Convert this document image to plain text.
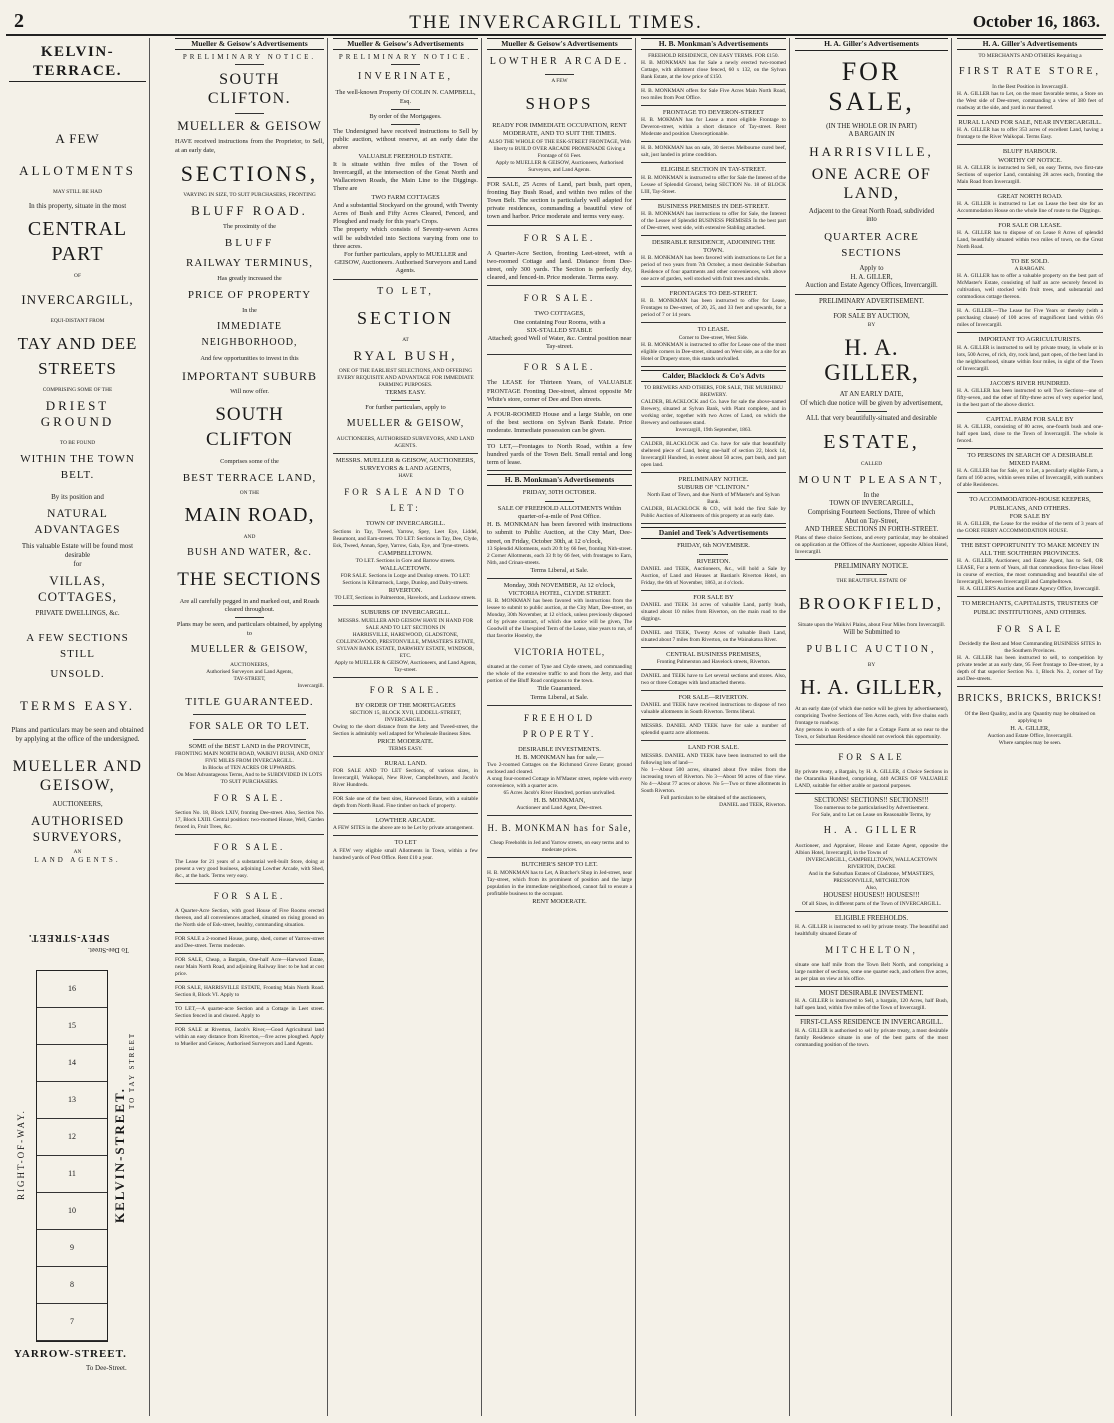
2	THE INVERCARGILL TIMES.	October 16, 1863.
KELVIN-TERRACE.
A FEW
ALLOTMENTS
MAY STILL BE HAD
In this property, situate in the most
CENTRAL PART
OF
INVERCARGILL,
EQUI-DISTANT FROM
TAY AND DEE STREETS
COMPRISING SOME OF THE
DRIEST GROUND
TO BE FOUND
WITHIN THE TOWN BELT.
By its position and
NATURAL ADVANTAGES
This valuable Estate will be found most desirable
for
VILLAS, COTTAGES,
PRIVATE DWELLINGS, &c.
A FEW SECTIONS STILL
UNSOLD.
TERMS EASY.
Plans and particulars may be seen and obtained
by applying at the office of the undersigned.
MUELLER AND GEISOW,
AUCTIONEERS,
AUTHORISED SURVEYORS,
AN
LAND AGENTS.
SPEY-STREET.
To Dee-Street.
RIGHT-OF-WAY.
16
15
14
13
12
11
10
9
8
7
KELVIN-STREET.
TO TAY STREET
YARROW-STREET.
To Dee-Street.
Mueller & Geisow's Advertisements
PRELIMINARY NOTICE.
SOUTH CLIFTON.
MUELLER & GEISOW
HAVE received instructions from the Proprietor, to Sell, at an early date,
SECTIONS,
VARYING IN SIZE, TO SUIT PURCHASERS, FRONTING
BLUFF ROAD.
The proximity of the
BLUFF
RAILWAY TERMINUS,
Has greatly increased the
PRICE OF PROPERTY
In the
IMMEDIATE NEIGHBORHOOD,
And few opportunities to invest in this
IMPORTANT SUBURB
Will now offer.
SOUTH CLIFTON
Comprises some of the
BEST TERRACE LAND,
ON THE
MAIN ROAD,
AND
BUSH AND WATER, &c.
THE SECTIONS
Are all carefully pegged in and marked out, and Roads cleared throughout.
Plans may be seen, and particulars obtained, by applying to
MUELLER & GEISOW,
AUCTIONEERS,
Authorised Surveyors and Land Agents,
TAY-STREET,
Invercargill.
TITLE GUARANTEED.
FOR SALE OR TO LET.
SOME of the BEST LAND in the PROVINCE,
FRONTING MAIN NORTH ROAD, WAIKIVI BUSH, AND ONLY FIVE MILES FROM INVERCARGILL.
In Blocks of TEN ACRES OR UPWARDS.
On Most Advantageous Terms, And to be SUBDIVIDED IN LOTS TO SUIT PURCHASERS.
FOR SALE.
Section No. 18, Block LXIV, fronting Dee-street. Also, Section No. 17, Block LXIII. Central position: two-roomed House, Well, Garden fenced in, Fruit Trees, &c.
FOR SALE.
The Lease for 21 years of a substantial well-built Store, doing at present a very good business, adjoining Lowther Arcade, with Shed, &c., at the back. Terms very easy.
FOR SALE.
A Quarter-Acre Section, with good House of Five Rooms erected thereon, and all conveniences attached, situated on rising ground on the North side of Esk-street, healthy, commanding situation.
FOR SALE a 2-roomed House, pump, shed, corner of Yarrow-street and Dee-street. Terms moderate.
FOR SALE, Cheap, a Bargain, One-half Acre—Harwood Estate, near Main North Road, and adjoining Railway line: to be had at cost price.
FOR SALE, HARRISVILLE ESTATE, Fronting Main North Road. Section 8, Block VI. Apply to
TO LET,—A quarter-acre Section and a Cottage in Leet street. Section fenced in and cleared. Apply to
FOR SALE at Riverton, Jacob's River,—Good Agricultural land within an easy distance from Riverton,—five acres ploughed. Apply to Mueller and Geisow, Authorised Surveyors and Land Agents.
Mueller & Geisow's Advertisements
PRELIMINARY NOTICE.
INVERINATE,
The well-known Property Of COLIN N. CAMPBELL, Esq.
By order of the Mortgagees.
The Undersigned have received instructions to Sell by public auction, without reserve, at an early date the above
VALUABLE FREEHOLD ESTATE.
It is situate within five miles of the Town of Invercargill, at the intersection of the Great North and Wallacetown Roads, the Main Line to the Diggings. There are
TWO FARM COTTAGES
And a substantial Stockyard on the ground, with Twenty Acres of Bush and Fifty Acres Cleared, Fenced, and Ploughed and ready for this year's Crops.
The property which consists of Seventy-seven Acres will be subdivided into Sections varying from one to three acres.
For further particulars, apply to MUELLER and GEISOW, Auctioneers. Authorised Surveyors and Land Agents.
TO LET,
SECTION
AT
RYAL BUSH,
ONE OF THE EARLIEST SELECTIONS, AND OFFERING EVERY REQUISITE AND ADVANTAGE FOR IMMEDIATE FARMING PURPOSES.
TERMS EASY.
For further particulars, apply to
MUELLER & GEISOW,
AUCTIONEERS, AUTHORISED SURVEYORS, AND LAND AGENTS.
MESSRS. MUELLER & GEISOW, AUCTIONEERS, SURVEYORS & LAND AGENTS,
HAVE
FOR SALE AND TO LET:
TOWN OF INVERCARGILL.
Sections in Tay, Tweed, Yarrow, Spey, Leet Eye, Liddel, Beaumont, and Earn-streets. TO LET: Sections in Tay, Dee, Clyde, Esk, Tweed, Annan, Spey, Yarrow, Gala, Eye, and Tyne-streets.
CAMPBELLTOWN.
TO LET. Sections in Gore and Barrow streets.
WALLACETOWN.
FOR SALE. Sections in Lorge and Dunlop streets. TO LET: Sections in Kilmarnock, Large, Dunlop, and Dalry-streets.
RIVERTON.
TO LET, Sections in Palmerston, Havelock, and Lucknow streets.
SUBURBS OF INVERCARGILL.
MESSRS. MUELLER AND GEISOW HAVE IN HAND FOR SALE AND TO LET SECTIONS IN
HARRISVILLE, HAREWOOD, GLADSTONE, COLLINGWOOD, PRESTONVILLE, M'MASTER'S ESTATE, SYLVAN BANK ESTATE, DARWHEY ESTATE, WINDSOR, ETC.
Apply to MUELLER & GEISOW, Auctioneers, and Land Agents, Tay-street.
FOR SALE.
BY ORDER OF THE MORTGAGEES
SECTION 15, BLOCK XVII, LIDDELL-STREET, INVERCARGILL.
Owing to the short distance from the Jetty and Tweed-street, the Section is admirably well adapted for Wholesale Business Sites.
PRICE MODERATE.
TERMS EASY.
RURAL LAND.
FOR SALE AND TO LET Sections, of various sizes, in Invercargill, Waikopai, New River, Campbelltown, and Jacob's River Hundreds.
FOR Sale one of the best sites, Harewood Estate, with a suitable depth from North Road. Fine timber on back of property.
LOWTHER ARCADE.
A FEW SITES in the above are to be Let by private arrangement.
TO LET
A FEW very eligible small Allotments in Town, within a few hundred yards of Post Office. Rent £10 a year.
Mueller & Geisow's Advertisements
LOWTHER ARCADE.
A FEW
SHOPS
READY FOR IMMEDIATE OCCUPATION, RENT MODERATE, AND TO SUIT THE TIMES.
ALSO THE WHOLE OF THE ESK-STREET FRONTAGE, With liberty to BUILD OVER ARCADE PROMENADE Giving a Frontage of 61 Feet.
Apply to MUELLER & GEISOW, Auctioneers, Authorised Surveyors, and Land Agents.
FOR SALE, 25 Acres of Land, part bush, part open, fronting Bay Bush Road, and within two miles of the Town Belt. The section is particularly well adapted for private residences, commanding a beautiful view of town and harbor. Price moderate and terms very easy.
FOR SALE.
A Quarter-Acre Section, fronting Leet-street, with a two-roomed Cottage and land. Distance from Dee-street, only 300 yards. The Section is perfectly dry, cleared, and fenced-in. Price moderate. Terms easy.
FOR SALE.
TWO COTTAGES,
One containing Four Rooms, with a
SIX-STALLED STABLE
Attached; good Well of Water, &c. Central position near Tay-street.
FOR SALE.
The LEASE for Thirteen Years, of VALUABLE FRONTAGE Fronting Dee-street, almost opposite Mr White's store, corner of Dee and Don streets.
A FOUR-ROOMED House and a large Stable, on one of the best sections on Sylvan Bank Estate. Price moderate. Immediate possession can be given.
TO LET,—Frontages to North Road, within a few hundred yards of the Town Belt. Small rental and long term of lease.
H. B. Monkman's Advertisements
FRIDAY, 30TH OCTOBER.
SALE OF FREEHOLD ALLOTMENTS Within quarter-of-a-mile of Post Office.
H. B. MONKMAN has been favored with instructions to submit to Public Auction, at the City Mart, Dee-street, on Friday, October 30th, at 12 o'clock,
13 Splendid Allotments, each 20 ft by 66 feet, fronting Nith-street. 2 Corner Allotments, each 33 ft by 66 feet, with frontages to Earn, Nith, and Crinan-streets.
Terms Liberal, at Sale.
Monday, 30th NOVEMBER, At 12 o'clock,
VICTORIA HOTEL, CLYDE STREET.
H. B. MONKMAN has been favored with instructions from the lessee to submit to public auction, at the City Mart, Dee-street, on Monday, 30th November, at 12 o'clock, unless previously disposed of by private contract, of which due notice will be given, The Goodwill of the Unexpired Term of the Lease, nine years to run, of that favorite Hostelry, the
VICTORIA HOTEL,
situated at the corner of Tyne and Clyde streets, and commanding the whole of the extensive traffic to and from the Jetty, and that portion of the Bluff Road contiguous to the town.
Title Guaranteed.
Terms Liberal, at Sale.
FREEHOLD PROPERTY.
DESIRABLE INVESTMENTS.
H. B. MONKMAN has for sale,—
Two 2-roomed Cottages on the Richmond Grove Estate; ground enclosed and cleared.
A snug four-roomed Cottage in M'Master street, replete with every convenience, with a quarter acre.
65 Acres Jacob's River Hundred, portion unrivalled.
H. B. MONKMAN,
Auctioneer and Land Agent, Dee-street.
H. B. MONKMAN has for Sale,
Cheap Freeholds in Jed and Yarrow streets, on easy terms and to moderate prices.
BUTCHER'S SHOP TO LET.
H. B. MONKMAN has to Let, A Butcher's Shop in Jed-street, near Tay-street, which from its prominent of position and the large population in the immediate neighborhood, cannot fail to ensure a profitable business to the occupant.
RENT MODERATE.
H. B. Monkman's Advertisements
FREEHOLD RESIDENCE, ON EASY TERMS. FOR £150.
H. B. MONKMAN has for Sale a newly erected two-roomed Cottage, with allotment close fenced, 60 x 132, on the Sylvan Bank Estate, at the low price of £150.
H. B. MONKMAN offers for Sale Five Acres Main North Road, two miles from Post Office.
FRONTAGE TO DEVERON-STREET
H. B. MOKMAN has for Lease a most eligible Frontage to Deveron-street, within a short distance of Tay-street. Rent Moderate and position Unexceptionable.
H. B. MONKMAN has on sale, 30 tierces Melbourne cured beef, salt, just landed in prime condition.
ELIGIBLE SECTION IN TAY-STREET.
H. B. MONKMAN is instructed to offer for Sale the Interest of the Lessee of Splendid Ground, being SECTION No. 18 of BLOCK LIII, Tay-Street.
BUSINESS PREMISES IN DEE-STREET.
H. B. MONKMAN has instructions to offer for Sale, the Interest of the Lessee of Splendid BUSINESS PREMISES In the best part of Dee-street, west side, with extensive Stabling attached.
DESIRABLE RESIDENCE, ADJOINING THE TOWN.
H. B. MONKMAN has been favored with instructions to Let for a period of two years from 7th October, a most desirable Suburban Residence of four apartments and other conveniences, with above one acre of garden, well stocked with fruit trees and shrubs.
FRONTAGES TO DEE-STREET.
H. B. MONKMAN has been instructed to offer for Lease, Frontages to Dee-street, of 20, 25, and 33 feet and upwards, for a period of 7 or 14 years.
TO LEASE.
Corner to Dee-street, West Side.
H. B. MONKMAN is instructed to offer for Lease one of the most eligible corners in Dee-street, situated on West side, as a site for an Hotel or Drapery store, this stands unrivalled.
Calder, Blacklock & Co's Advts
TO BREWERS AND OTHERS, FOR SALE, THE MURIHIKU BREWERY.
CALDER, BLACKLOCK and Co. have for sale the above-named Brewery, situated at Sylvan Bank, with Plant complete, and in working order, together with two Acres of Land, on which the Brewery and outhouses stand.
Invercargill, 19th September, 1863.
CALDER, BLACKLOCK and Co. have for sale that beautifully sheltered piece of Land, being one-half of section 22, block 14, Invercargill Hundred, in extent about 50 acres, part bush, and part open land.
PRELIMINARY NOTICE.
SUBURB OF "CLINTON."
North East of Town, and due North of M'Master's and Sylvan Bank.
CALDER, BLACKLOCK & CO., will hold the first Sale by Public Auction of Allotments of this property at an early date.
Daniel and Teek's Advertisements
FRIDAY, 6th NOVEMBER.
RIVERTON.
DANIEL and TEEK, Auctioneers, &c., will hold a Sale by Auction, of Land and Houses at Bastian's Riverton Hotel, on Friday, the 6th of November, 1863, at 4 o'clock.
FOR SALE BY
DANIEL and TEEK 34 acres of valuable Land, partly bush, situated about 10 miles from Riverton, on the main road to the diggings.
DANIEL and TEEK, Twenty Acres of valuable Bush Land, situated about 7 miles from Riverton, on the Wainakatoa River.
CENTRAL BUSINESS PREMISES,
Fronting Palmerston and Havelock streets, Riverton.
DANIEL and TEEK have to Let several sections and stores. Also, two or three Cottages with land attached thereto.
FOR SALE—RIVERTON.
DANIEL and TEEK have received instructions to dispose of two valuable allotments in South Riverton. Terms liberal.
MESSRS. DANIEL AND TEEK have for sale a number of splendid quartz acre allotments.
LAND FOR SALE.
MESSRS. DANIEL AND TEEK have been instructed to sell the following lots of land—
No 1—About 500 acres, situated about five miles from the increasing town of Riverton. No 3—About 90 acres of fine view. No 4—About 77 acres or above. No 5—Two or three allotments in South Riverton.
Full particulars to be obtained of the auctioneers,
DANIEL and TEEK, Riverton.
H. A. Giller's Advertisements
FOR SALE,
(IN THE WHOLE OR IN PART)
A BARGAIN IN
HARRISVILLE,
ONE ACRE OF LAND,
Adjacent to the Great North Road, subdivided
into
QUARTER ACRE SECTIONS
Apply to
H. A. GILLER,
Auction and Estate Agency Offices, Invercargill.
PRELIMINARY ADVERTISEMENT.
FOR SALE BY AUCTION,
BY
H. A. GILLER,
AT AN EARLY DATE,
Of which due notice will be given by advertisement,
ALL that very beautifully-situated and desirable
ESTATE,
CALLED
MOUNT PLEASANT,
In the
TOWN OF INVERCARGILL,
Comprising Fourteen Sections, Three of which
Abut on Tay-Street,
AND THREE SECTIONS IN FORTH-STREET.
Plans of these choice Sections, and every particular, may be obtained on application at the Offices of the Auctioneer, opposite Albion Hotel, Invercargill.
PRELIMINARY NOTICE.
THE BEAUTIFUL ESTATE OF
BROOKFIELD,
Situate upon the Waikivi Plains, about Four Miles from Invercargill.
Will be Submitted to
PUBLIC AUCTION,
BY
H. A. GILLER,
At an early date (of which due notice will be given by advertisement), comprising Twelve Sections of Ten Acres each, with five chains each frontage to roadway.
Any persons in search of a site for a Cottage Farm at so near to the Town, or Suburban Residence should not overlook this opportunity.
FOR SALE
By private treaty, a Bargain, by H. A. GILLER, 4 Choice Sections in the Otaramika Hundred, comprising, 440 ACRES OF VALUABLE LAND, suitable for either arable or pastoral purposes.
SECTIONS! SECTIONS!! SECTIONS!!!
Too numerous to be particularised by Advertisement.
For Sale, and to Let on Lease on Reasonable Terms, by
H. A. GILLER
Auctioneer, and Appraiser, House and Estate Agent, opposite the Albion Hotel, Invercargill, in the Towns of
INVERCARGILL, CAMPBELLTOWN, WALLACETOWN RIVERTON, DACRE
And in the Suburban Estates of Gladstone, M'MASTER'S, PRESSONVILLE, MITCHELTON
Also,
HOUSES! HOUSES!! HOUSES!!!
Of all Sizes, in different parts of the Town of INVERCARGILL.
ELIGIBLE FREEHOLDS.
H. A. GILLER is instructed to sell by private treaty. The beautiful and healthfully situated Estate of
MITCHELTON,
situate one half mile from the Town Belt North, and comprising a large number of sections, some one quarter each, and others five acres, as per plan on view at his office.
MOST DESIRABLE INVESTMENT.
H. A. GILLER is instructed to Sell, a bargain, 120 Acres, half Bush, half open land, within five miles of the Town of Invercargill.
FIRST-CLASS RESIDENCE IN INVERCARGILL.
H. A. GILLER is authorised to sell by private treaty, a most desirable family Residence situate in one of the best parts of the most commanding position of the town.
H. A. Giller's Advertisements
TO MERCHANTS AND OTHERS Requiring a
FIRST RATE STORE,
In the Best Position in Invercargill.
H. A. GILLER has to Let, on the most favorable terms, a Store on the West side of Dee-street, commanding a view of 380 feet of roadway at the side, and yard in rear thereof.
RURAL LAND FOR SALE, NEAR INVERCARGILL.
H. A. GILLER has to offer 353 acres of excellent Land, having a frontage to the River Waikopai. Terms Easy.
BLUFF HARBOUR.
WORTHY OF NOTICE.
H. A. GILLER is instructed to Sell, on easy Terms, two first-rate Sections of superior Land, containing 28 acres each, fronting the Main Road from Invercargill.
GREAT NORTH ROAD.
H. A. GILLER is instructed to Let on Lease the best site for an Accommodation House on the whole line of route to the Diggings.
FOR SALE OR LEASE.
H. A. GILLER has to dispose of on Lease 8 Acres of splendid Land, beautifully situated within two miles of town, on the Great North Road.
TO BE SOLD.
A BARGAIN.
H. A. GILLER has to offer a valuable property on the best part of McMaster's Estate, consisting of half an acre securely fenced in cultivation, well stocked with fruit trees, and substantial and commodious cottage thereon.
H. A. GILLER.—The Lease for Five Years or thereby (with a purchasing clause) of 100 acres of magnificent land within 6½ miles of Invercargill.
IMPORTANT TO AGRICULTURISTS.
H. A. GILLER is instructed to sell by private treaty, in whole or in lots, 500 Acres, of rich, dry, rock land, part open, of the best land in the neighbourhood, situate within four miles, in sight of the Town of Invercargill.
JACOB'S RIVER HUNDRED.
H. A. GILLER has been instructed to sell Two Sections—one of fifty-seven, and the other of fifty-three acres of very superior land, in the best part of the above district.
CAPITAL FARM FOR SALE BY
H. A. GILLER, consisting of 80 acres, one-fourth bush and one-half open land, close to the Town of Invercargill. The whole is fenced.
TO PERSONS IN SEARCH OF A DESIRABLE MIXED FARM.
H. A. GILLER has for Sale, or to Let, a peculiarly eligible Farm, a farm of 160 acres, within seven miles of Invercargill, with numbers of able Residences.
TO ACCOMMODATION-HOUSE KEEPERS, PUBLICANS, AND OTHERS.
FOR SALE BY
H. A. GILLER, the Lease for the residue of the term of 3 years of the GORE FERRY ACCOMMODATION HOUSE.
THE BEST OPPORTUNITY TO MAKE MONEY IN ALL THE SOUTHERN PROVINCES.
H. A. GILLER, Auctioneer, and Estate Agent, has to Sell, OR LEASE, For a term of Years, all that commodious first-class Hotel in course of erection, the most commanding and beautiful site of Invercargill, between Invercargill and Campbelltown.
H. A. GILLER'S Auction and Estate Agency Office, Invercargill.
TO MERCHANTS, CAPITALISTS, TRUSTEES OF PUBLIC INSTITUTIONS, AND OTHERS.
FOR SALE
Decidedly the Best and Most Commanding BUSINESS SITES In the Southern Provinces.
H. A. GILLER has been instructed to sell, to competition by private tender at an early date, 95 Feet frontage to Dee-street, by a depth of that superior Section No. 1, Block No. 2, corner of Tay and Dee-streets.
BRICKS, BRICKS, BRICKS!
Of the Best Quality, and in any Quantity may be obtained on applying to
H. A. GILLER,
Auction and Estate Office, Invercargill.
Where samples may be seen.
